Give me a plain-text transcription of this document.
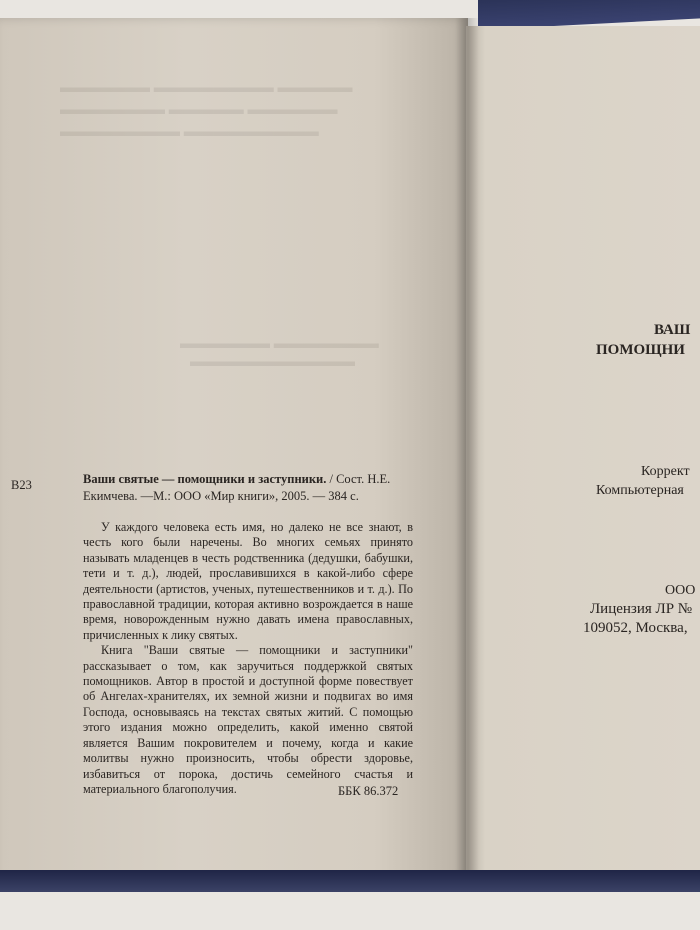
▬▬▬▬▬▬ ▬▬▬▬▬▬▬▬ ▬▬▬▬▬
▬▬▬▬▬▬▬ ▬▬▬▬▬ ▬▬▬▬▬▬
▬▬▬▬▬▬▬▬ ▬▬▬▬▬▬▬▬▬
▬▬▬▬▬▬ ▬▬▬▬▬▬▬
▬▬▬▬▬▬▬▬▬▬▬
В23	Ваши святые — помощники и заступники. / Сост. Н.Е. Екимчева. —М.: ООО «Мир книги», 2005. — 384 с.

У каждого человека есть имя, но далеко не все знают, в честь кого были наречены. Во многих семьях принято называть младенцев в честь родственника (дедушки, бабушки, тети и т. д.), людей, прославившихся в какой-либо сфере деятельности (артистов, ученых, путешественников и т. д.). По православной традиции, которая активно возрождается в наше время, новорожденным нужно давать имена православных, причисленных к лику святых.

Книга "Ваши святые — помощники и заступники" рассказывает о том, как заручиться поддержкой святых помощников. Автор в простой и доступной форме повествует об Ангелах-хранителях, их земной жизни и подвигах во имя Господа, основываясь на текстах святых житий. С помощью этого издания можно определить, какой именно святой является Вашим покровителем и почему, когда и какие молитвы нужно произносить, чтобы обрести здоровье, избавиться от порока, достичь семейного счастья и материального благополучия.	ББК 86.372
ВАШ
ПОМОЩНИ
Коррект
Компьютерная
ООО
Лицензия ЛР №
109052, Москва,
